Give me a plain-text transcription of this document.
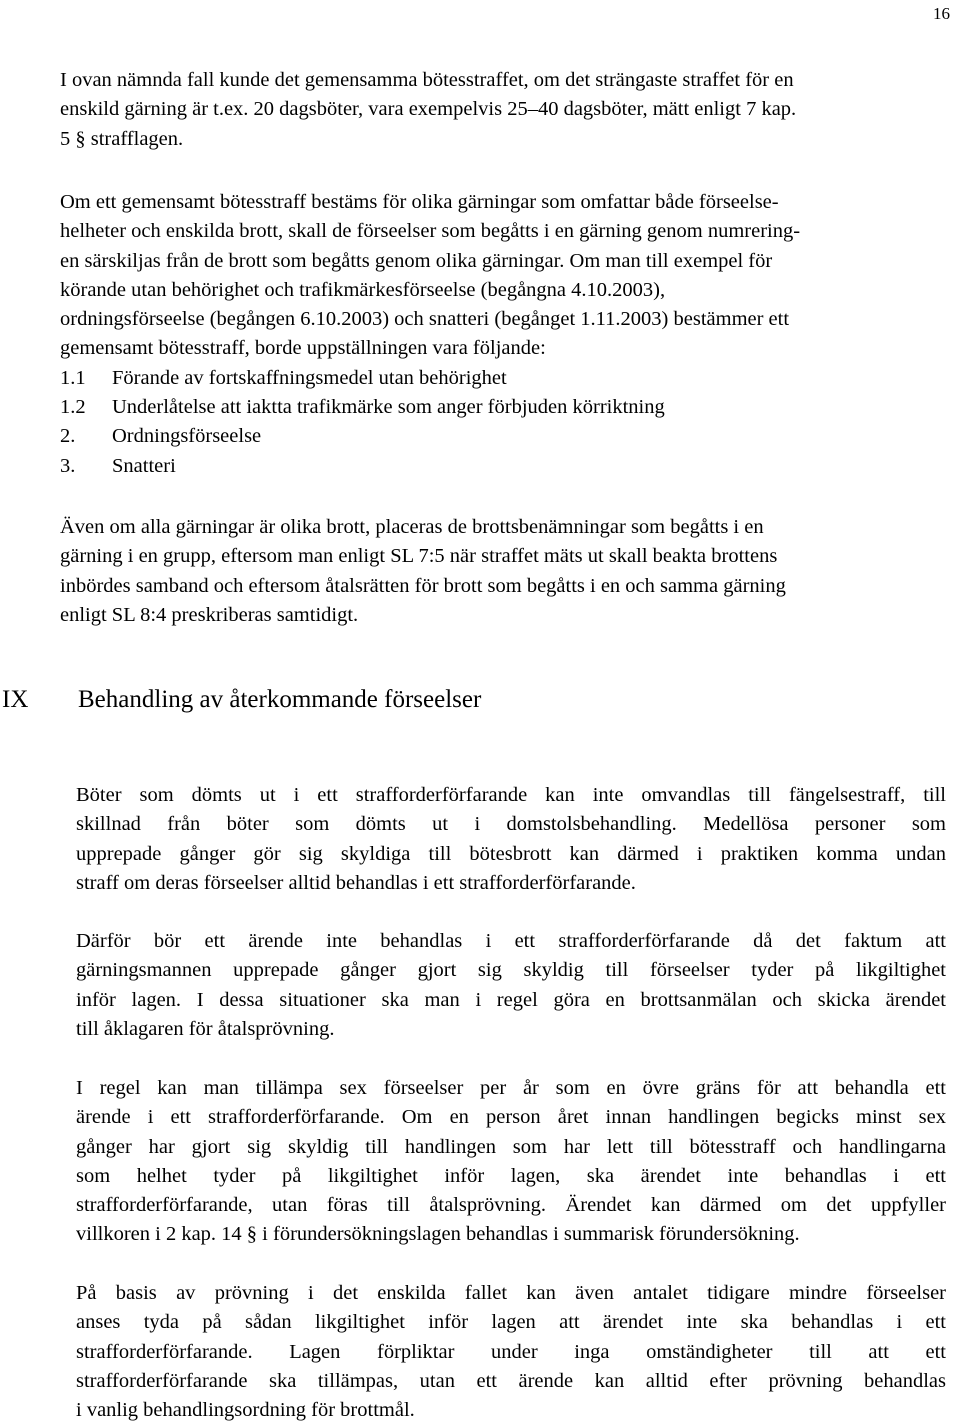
16
I ovan nämnda fall kunde det gemensamma bötesstraffet, om det strängaste straffet för en
enskild gärning är t.ex. 20 dagsböter, vara exempelvis 25–40 dagsböter, mätt enligt 7 kap.
5 § strafflagen.
Om ett gemensamt bötesstraff bestäms för olika gärningar som omfattar både förseelse-
helheter och enskilda brott, skall de förseelser som begåtts i en gärning genom numrering-
en särskiljas från de brott som begåtts genom olika gärningar. Om man till exempel för
körande utan behörighet och trafikmärkesförseelse (begångna 4.10.2003),
ordningsförseelse (begången 6.10.2003) och snatteri (begånget 1.11.2003) bestämmer ett
gemensamt bötesstraff, borde uppställningen vara följande:
1.1 Förande av fortskaffningsmedel utan behörighet
1.2 Underlåtelse att iaktta trafikmärke som anger förbjuden körriktning
2. Ordningsförseelse
3. Snatteri
Även om alla gärningar är olika brott, placeras de brottsbenämningar som begåtts i en
gärning i en grupp, eftersom man enligt SL 7:5 när straffet mäts ut skall beakta brottens
inbördes samband och eftersom åtalsrätten för brott som begåtts i en och samma gärning
enligt SL 8:4 preskriberas samtidigt.
IX Behandling av återkommande förseelser
Böter som dömts ut i ett strafforderförfarande kan inte omvandlas till fängelsestraff, till
skillnad från böter som dömts ut i domstolsbehandling. Medellösa personer som
upprepade gånger gör sig skyldiga till bötesbrott kan därmed i praktiken komma undan
straff om deras förseelser alltid behandlas i ett strafforderförfarande.
Därför bör ett ärende inte behandlas i ett strafforderförfarande då det faktum att
gärningsmannen upprepade gånger gjort sig skyldig till förseelser tyder på likgiltighet
inför lagen. I dessa situationer ska man i regel göra en brottsanmälan och skicka ärendet
till åklagaren för åtalsprövning.
I regel kan man tillämpa sex förseelser per år som en övre gräns för att behandla ett
ärende i ett strafforderförfarande. Om en person året innan handlingen begicks minst sex
gånger har gjort sig skyldig till handlingen som har lett till bötesstraff och handlingarna
som helhet tyder på likgiltighet inför lagen, ska ärendet inte behandlas i ett
strafforderförfarande, utan föras till åtalsprövning. Ärendet kan därmed om det uppfyller
villkoren i 2 kap. 14 § i förundersökningslagen behandlas i summarisk förundersökning.
På basis av prövning i det enskilda fallet kan även antalet tidigare mindre förseelser
anses tyda på sådan likgiltighet inför lagen att ärendet inte ska behandlas i ett
strafforderförfarande. Lagen förpliktar under inga omständigheter till att ett
strafforderförfarande ska tillämpas, utan ett ärende kan alltid efter prövning behandlas
i vanlig behandlingsordning för brottmål.
